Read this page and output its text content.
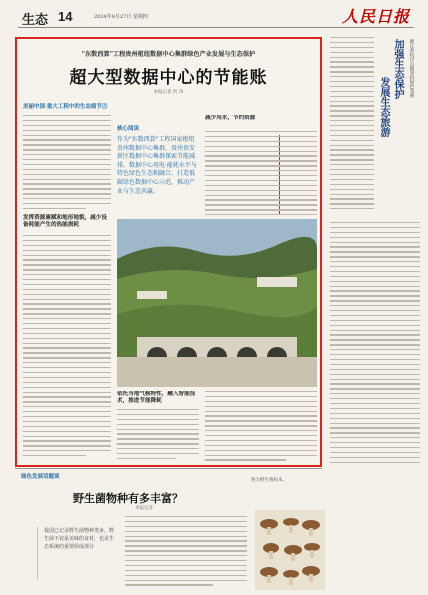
生态 14	2024年8月27日 星期四	人民日报
"东数西算"工程贵州枢纽数据中心集群绿色产业发展与生态保护
超大型数据中心的节能账
本报记者 何 涛
美丽中国·重大工程中的生态细节③
发挥资源禀赋和地形地貌，减少设备耗能产生的热能损耗
核心阅读
作为"东数西算"工程国家枢纽贵州数据中心集群，贵州贵安新区数据中心集群探索节能减排，数据中心用电·能耗水平与特色绿色生态相融合，打造低碳绿色数据中心示范，推动产业与生态共赢。
减少用水，节约资源
依托当地气候特性，融入智能技术，推进节能降耗
浙江余杭径山镇坚持绿色发展
加强生态保护
发展生态旅游
绿色发展话题谈
野生菌物种有多丰富？
本报记者

我国已记录野生菌物种类多，野生菌不仅是美味的食材，也是生态系统的重要组成部分

图为野生菌标本。
